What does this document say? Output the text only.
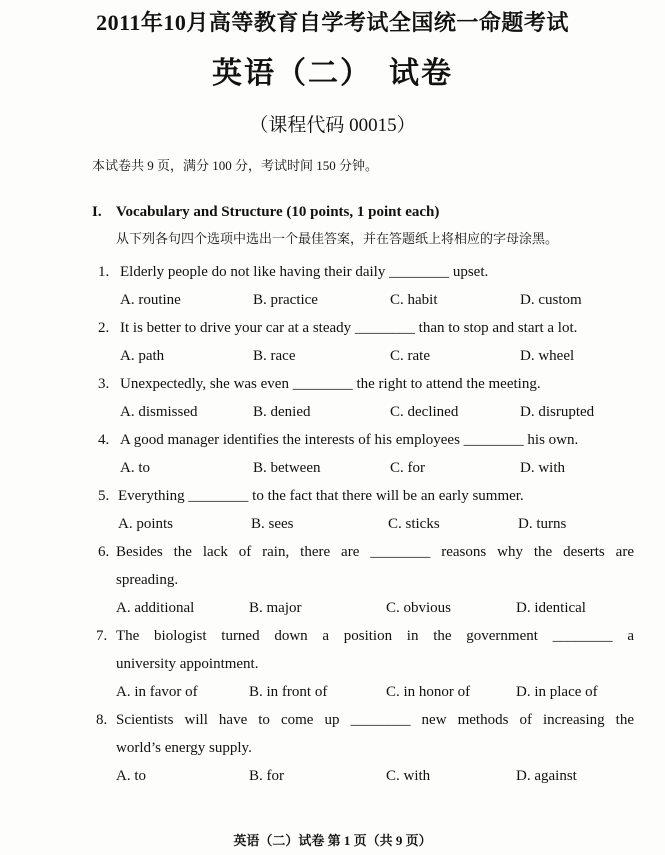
2011年10月高等教育自学考试全国统一命题考试
英语（二）　试卷
（课程代码 00015）
本试卷共 9 页，满分 100 分，考试时间 150 分钟。
I. Vocabulary and Structure (10 points, 1 point each)
从下列各句四个选项中选出一个最佳答案，并在答题纸上将相应的字母涂黑。
1. Elderly people do not like having their daily ________ upset.
A. routine	B. practice	C. habit	D. custom
2. It is better to drive your car at a steady ________ than to stop and start a lot.
A. path	B. race	C. rate	D. wheel
3. Unexpectedly, she was even ________ the right to attend the meeting.
A. dismissed	B. denied	C. declined	D. disrupted
4. A good manager identifies the interests of his employees ________ his own.
A. to	B. between	C. for	D. with
5. Everything ________ to the fact that there will be an early summer.
A. points	B. sees	C. sticks	D. turns
6. Besides the lack of rain, there are ________ reasons why the deserts are
spreading.
A. additional	B. major	C. obvious	D. identical
7. The biologist turned down a position in the government ________ a
university appointment.
A. in favor of	B. in front of	C. in honor of	D. in place of
8. Scientists will have to come up ________ new methods of increasing the
world’s energy supply.
A. to	B. for	C. with	D. against
英语（二）试卷 第 1 页（共 9 页）
